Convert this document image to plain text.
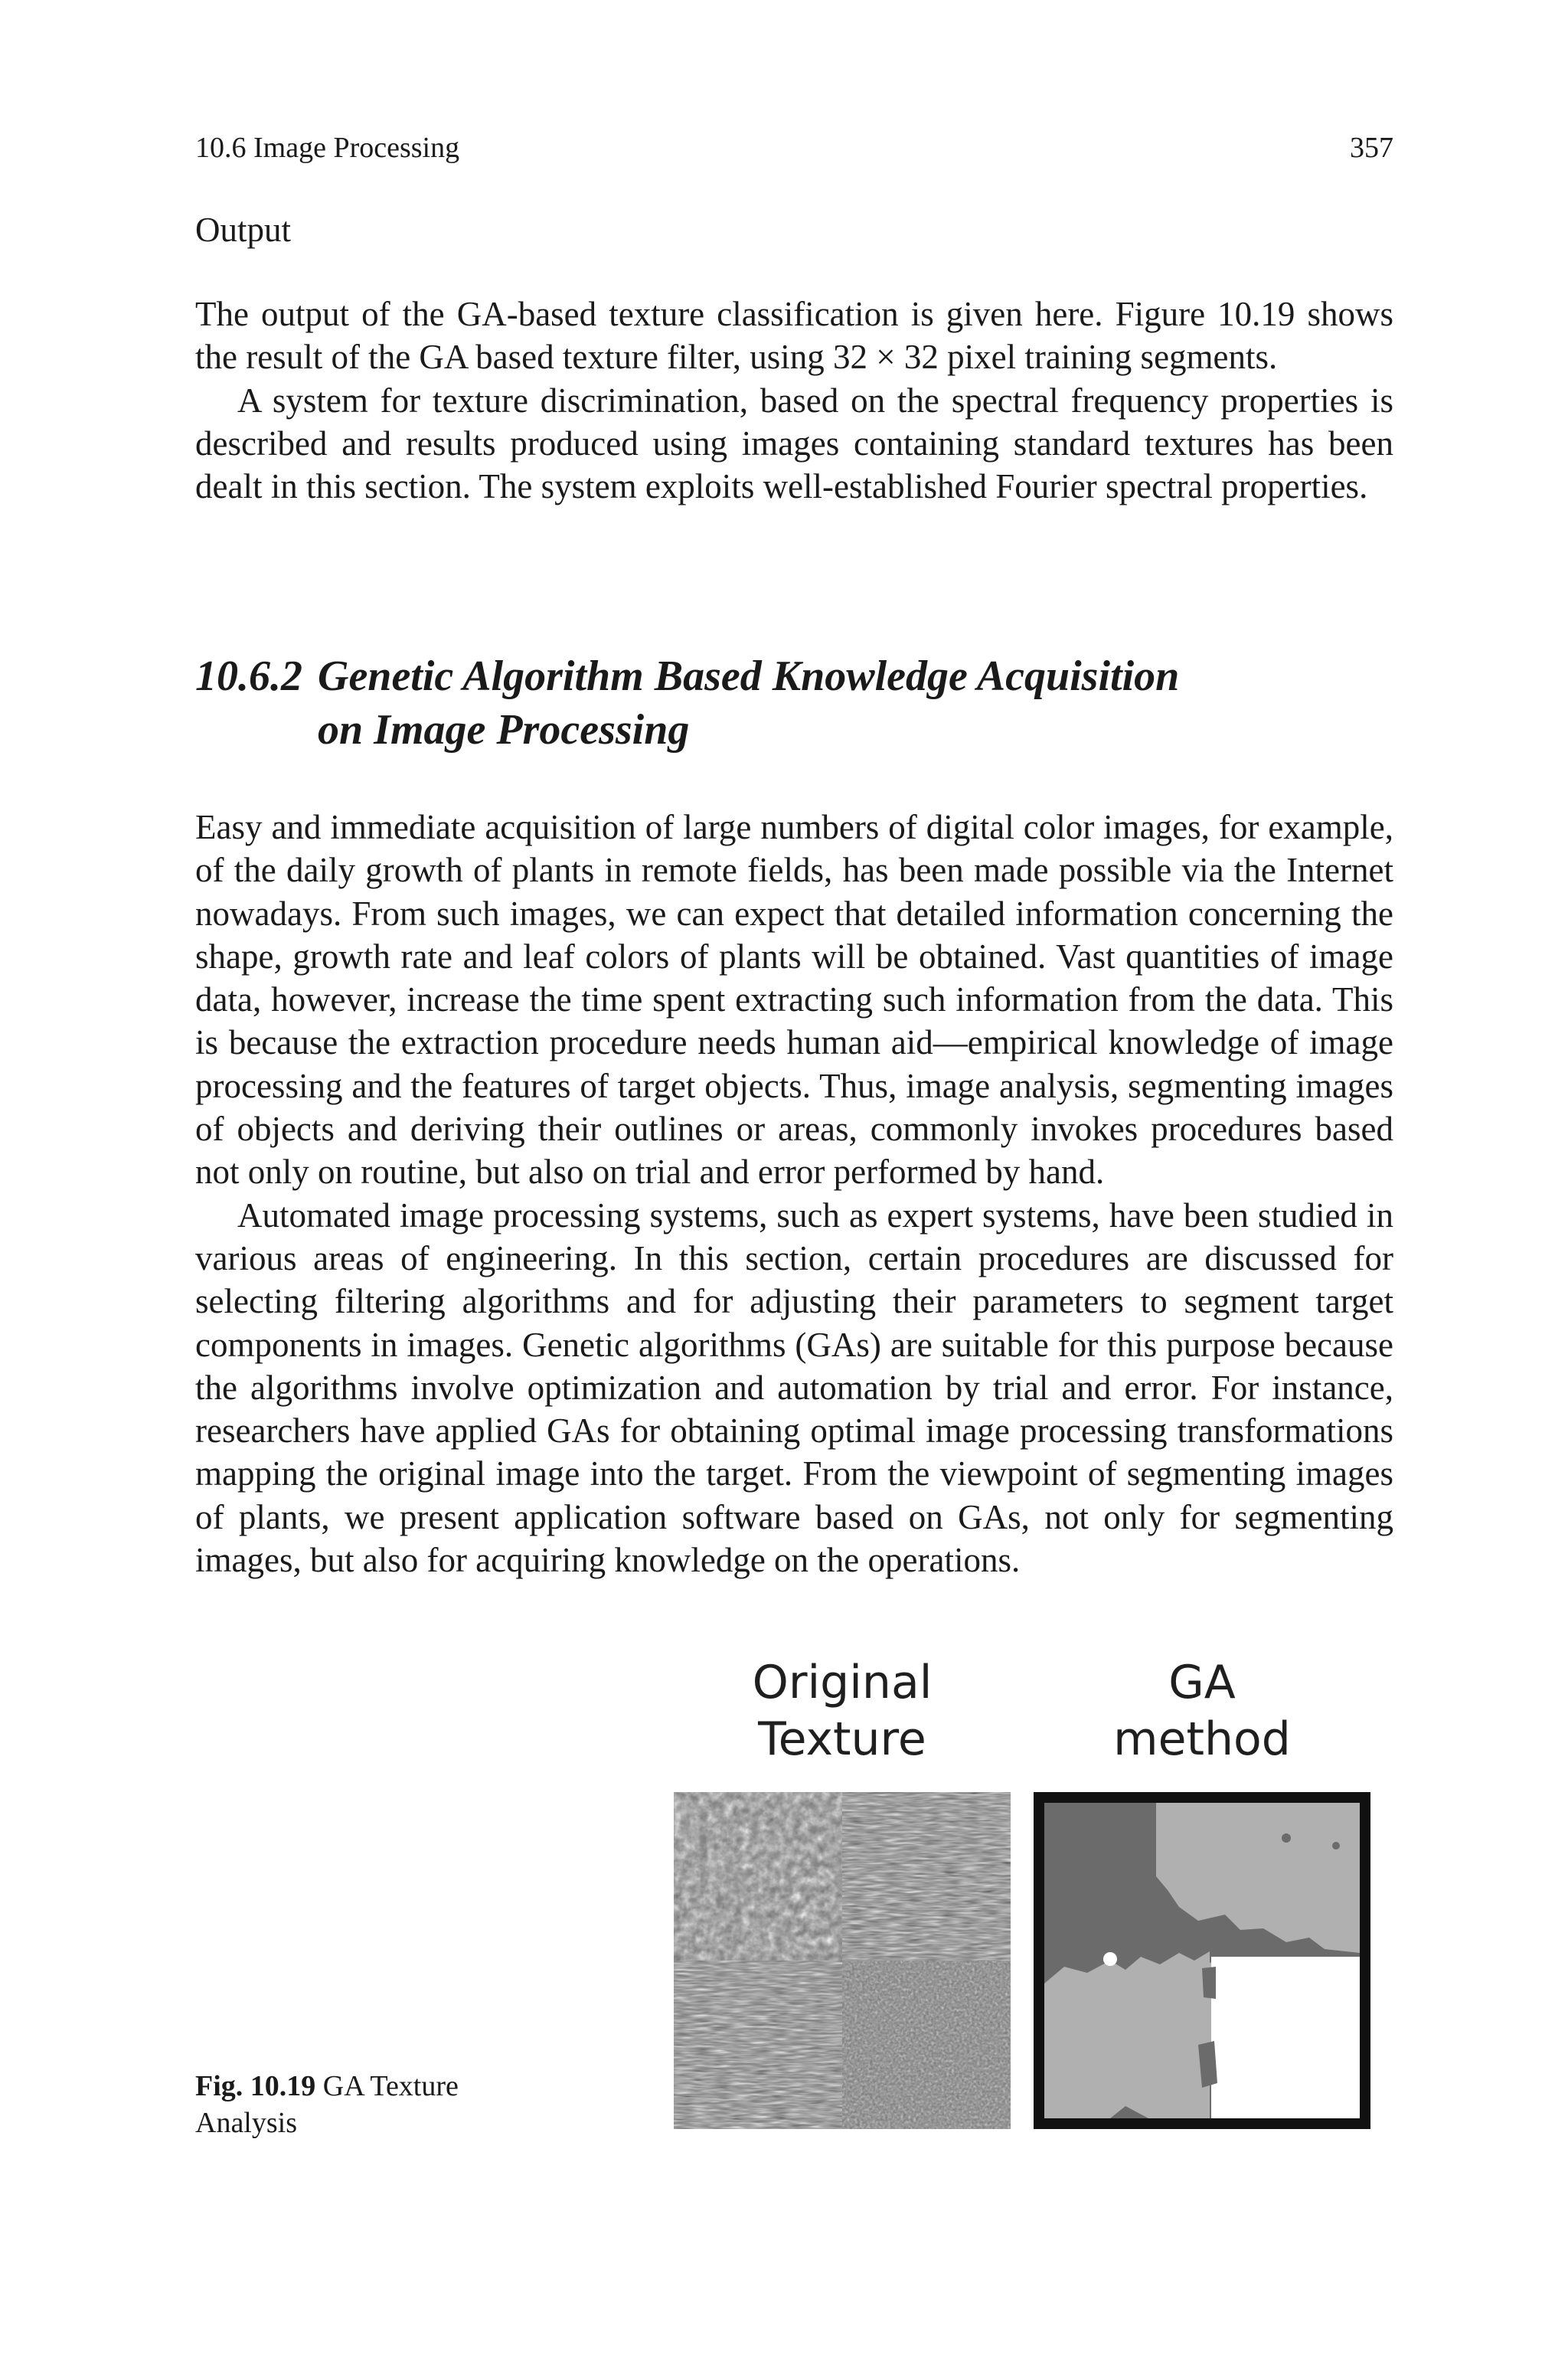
10.6 Image Processing	357
Output

The output of the GA-based texture classification is given here. Figure 10.19 shows the result of the GA based texture filter, using 32 × 32 pixel training segments.

A system for texture discrimination, based on the spectral frequency properties is described and results produced using images containing standard textures has been dealt in this section. The system exploits well-established Fourier spectral properties.

10.6.2 Genetic Algorithm Based Knowledge Acquisition
on Image Processing

Easy and immediate acquisition of large numbers of digital color images, for example, of the daily growth of plants in remote fields, has been made possible via the Internet nowadays. From such images, we can expect that detailed information concerning the shape, growth rate and leaf colors of plants will be obtained. Vast quantities of image data, however, increase the time spent extracting such information from the data. This is because the extraction procedure needs human aid—empirical knowledge of image processing and the features of target objects. Thus, image analysis, segmenting images of objects and deriving their outlines or areas, commonly invokes procedures based not only on routine, but also on trial and error performed by hand.

Automated image processing systems, such as expert systems, have been studied in various areas of engineering. In this section, certain procedures are discussed for selecting filtering algorithms and for adjusting their parameters to segment target components in images. Genetic algorithms (GAs) are suitable for this purpose because the algorithms involve optimization and automation by trial and error. For instance, researchers have applied GAs for obtaining optimal image processing transformations mapping the original image into the target. From the viewpoint of segmenting images of plants, we present application software based on GAs, not only for segmenting images, but also for acquiring knowledge on the operations.

Original
Texture
GA
method
Fig. 10.19 GA Texture Analysis
